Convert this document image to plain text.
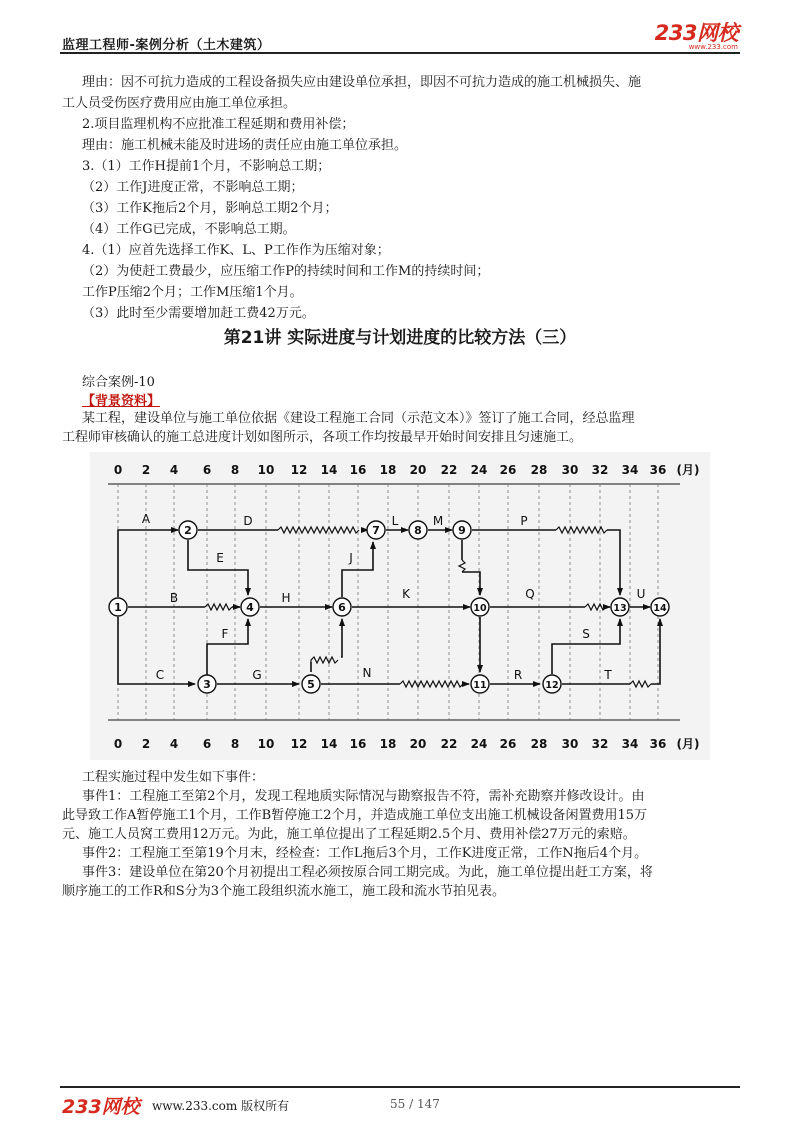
监理工程师-案例分析（土木建筑）
233网校
www.233.com
理由：因不可抗力造成的工程设备损失应由建设单位承担，即因不可抗力造成的施工机械损失、施
工人员受伤医疗费用应由施工单位承担。
2.项目监理机构不应批准工程延期和费用补偿；
理由：施工机械未能及时进场的责任应由施工单位承担。
3.（1）工作H提前1个月，不影响总工期；
（2）工作J进度正常，不影响总工期；
（3）工作K拖后2个月，影响总工期2个月；
（4）工作G已完成，不影响总工期。
4.（1）应首先选择工作K、L、P工作作为压缩对象；
（2）为使赶工费最少，应压缩工作P的持续时间和工作M的持续时间；
工作P压缩2个月；工作M压缩1个月。
（3）此时至少需要增加赶工费42万元。
第21讲 实际进度与计划进度的比较方法（三）
综合案例-10
【背景资料】
某工程，建设单位与施工单位依据《建设工程施工合同（示范文本）》签订了施工合同，经总监理
工程师审核确认的施工总进度计划如图所示，各项工作均按最早开始时间安排且匀速施工。
0 2 4 6 8 10 12 14 16 18 20 22 24 26 28 30 32 34 36 (月)
0 2 4 6 8 10 12 14 16 18 20 22 24 26 28 30 32 34 36 (月)
A
B
C
D
E
F
G
H
J
K
L	M
N
P
Q
R
S
T
U
1
2
3
4
5
6
7	8	9
10
11	12
13	14
工程实施过程中发生如下事件：
事件1：工程施工至第2个月，发现工程地质实际情况与勘察报告不符，需补充勘察并修改设计。由
此导致工作A暂停施工1个月，工作B暂停施工2个月，并造成施工单位支出施工机械设备闲置费用15万
元、施工人员窝工费用12万元。为此，施工单位提出了工程延期2.5个月、费用补偿27万元的索赔。
事件2：工程施工至第19个月末，经检查：工作L拖后3个月，工作K进度正常，工作N拖后4个月。
事件3：建设单位在第20个月初提出工程必须按原合同工期完成。为此，施工单位提出赶工方案，将
顺序施工的工作R和S分为3个施工段组织流水施工，施工段和流水节拍见表。
233网校 www.233.com 版权所有	55 / 147
